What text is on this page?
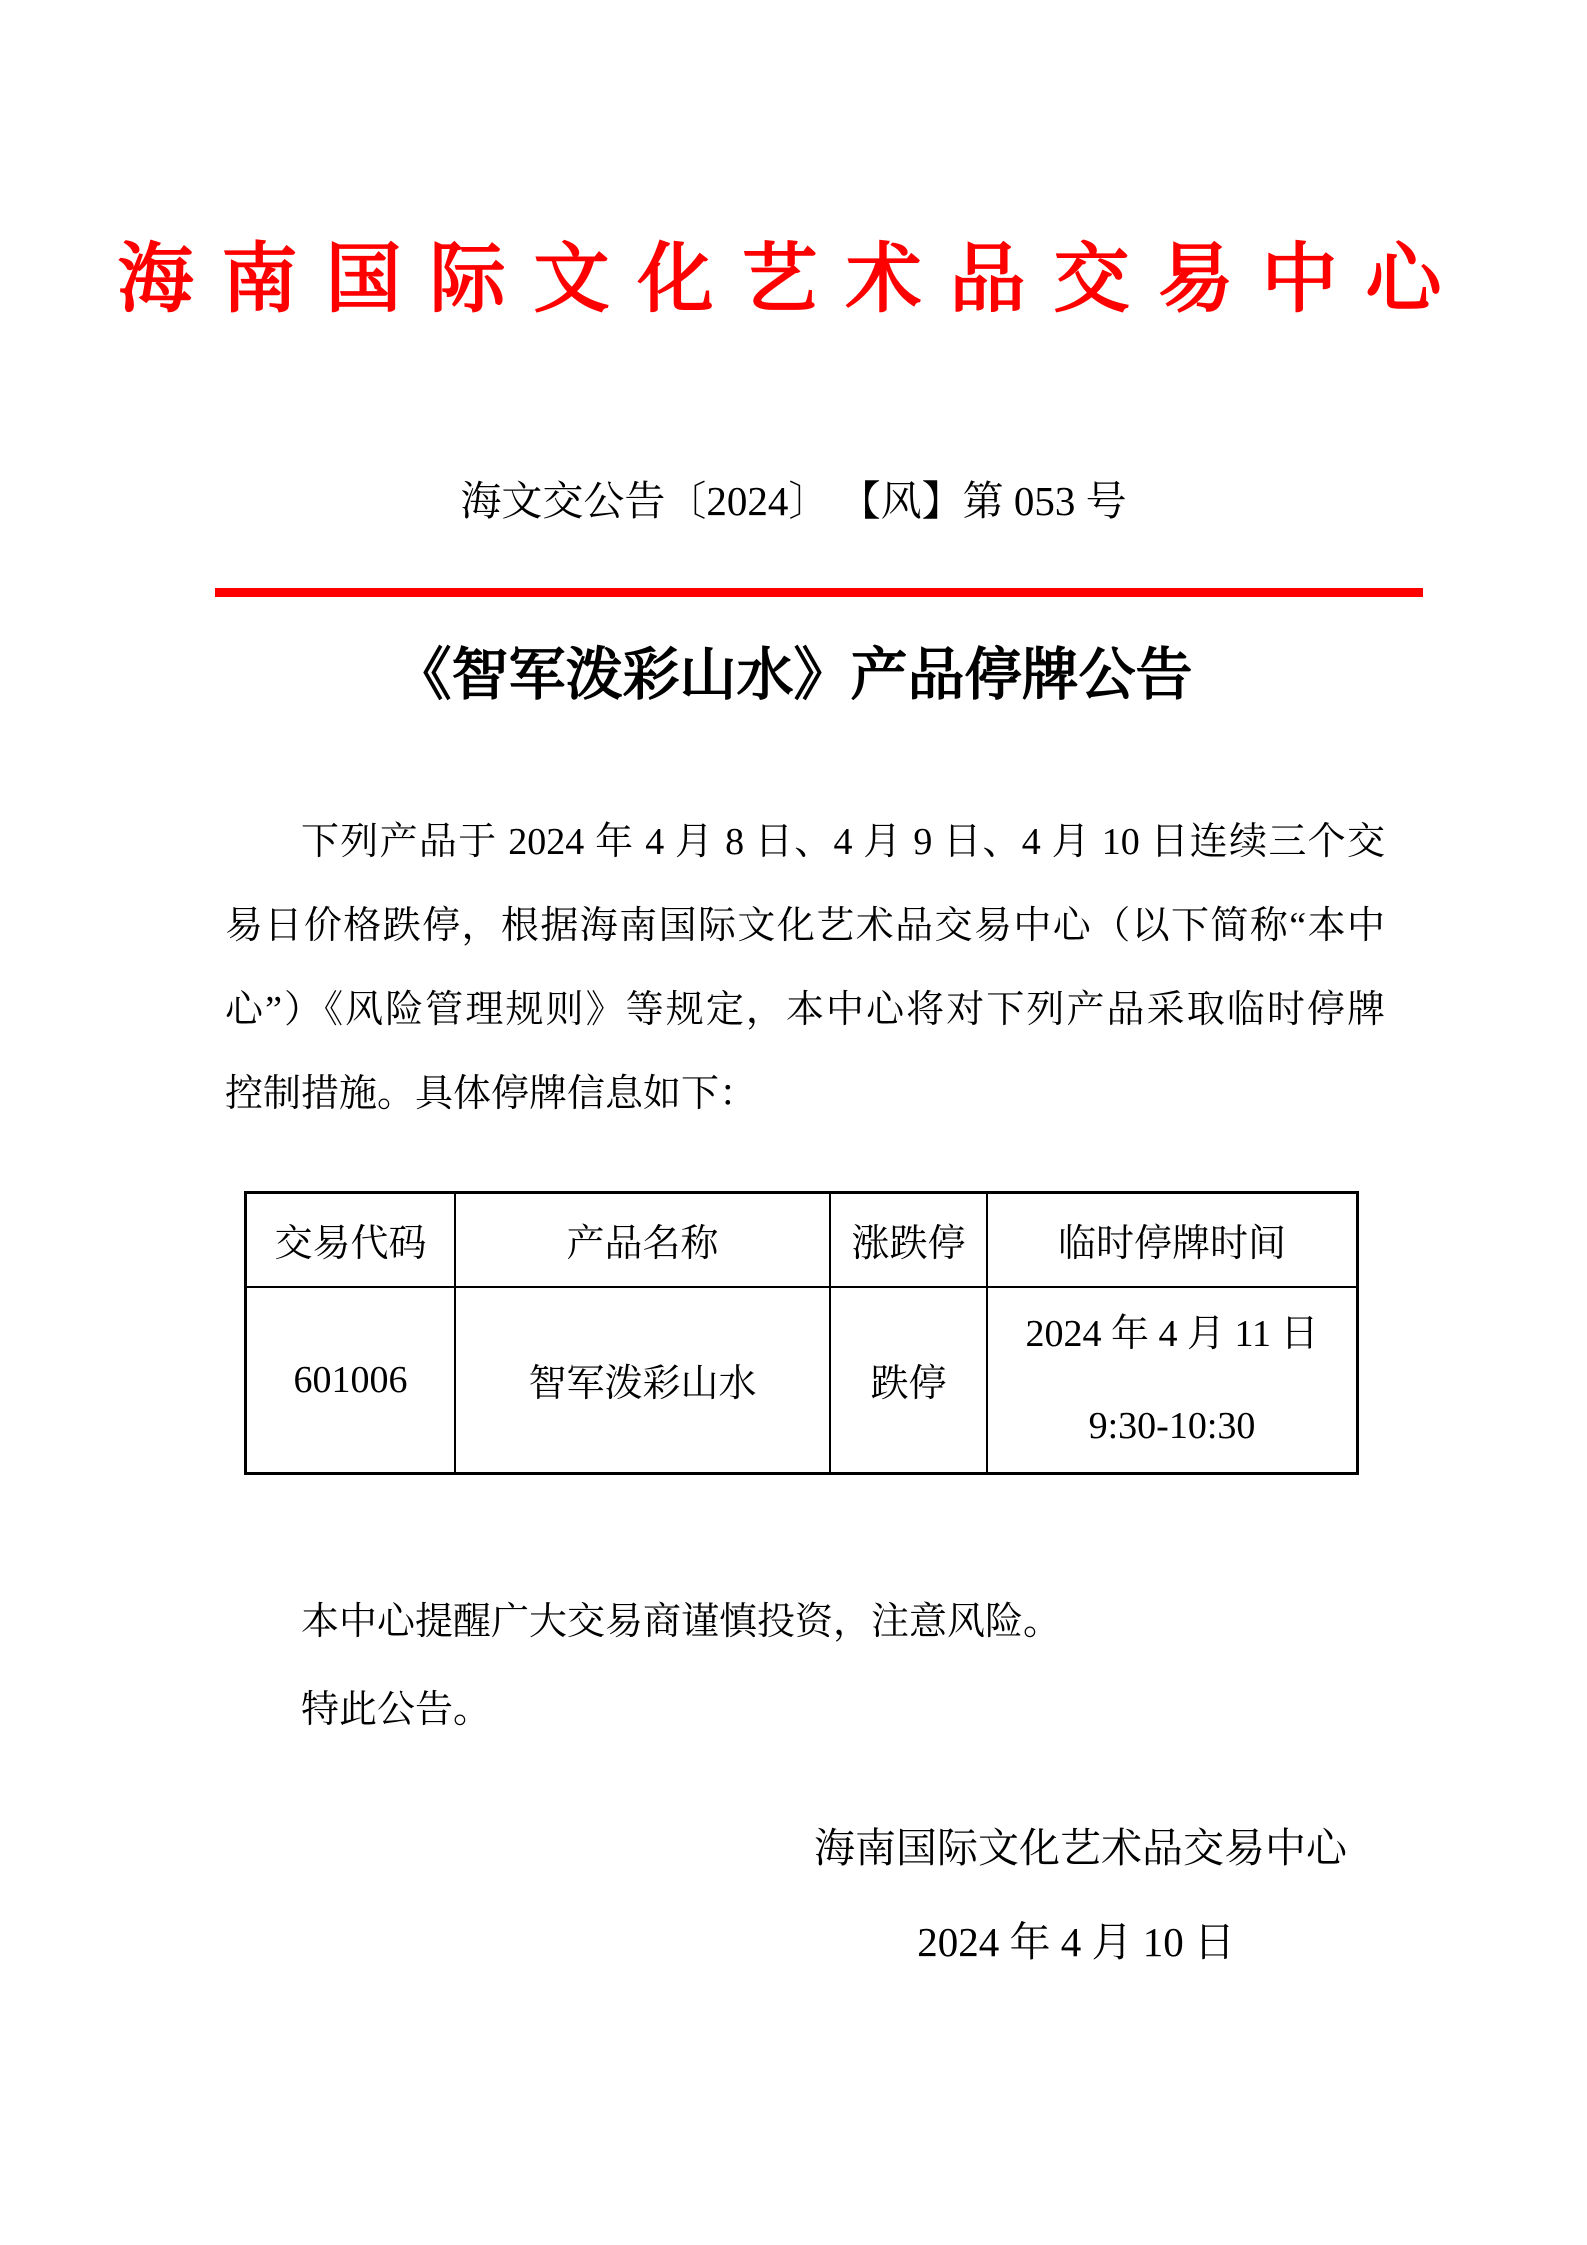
海南国际文化艺术品交易中心
海文交公告〔2024〕 【风】第 053 号
《智军泼彩山水》产品停牌公告
下列产品于 2024 年 4 月 8 日、4 月 9 日、4 月 10 日连续三个交
易日价格跌停，根据海南国际文化艺术品交易中心（以下简称“本中
心”）《风险管理规则》等规定，本中心将对下列产品采取临时停牌
控制措施。具体停牌信息如下：
交易代码	产品名称	涨跌停	临时停牌时间
601006	智军泼彩山水	跌停	2024 年 4 月 11 日
9:30-10:30
本中心提醒广大交易商谨慎投资，注意风险。
特此公告。
海南国际文化艺术品交易中心
2024 年 4 月 10 日
